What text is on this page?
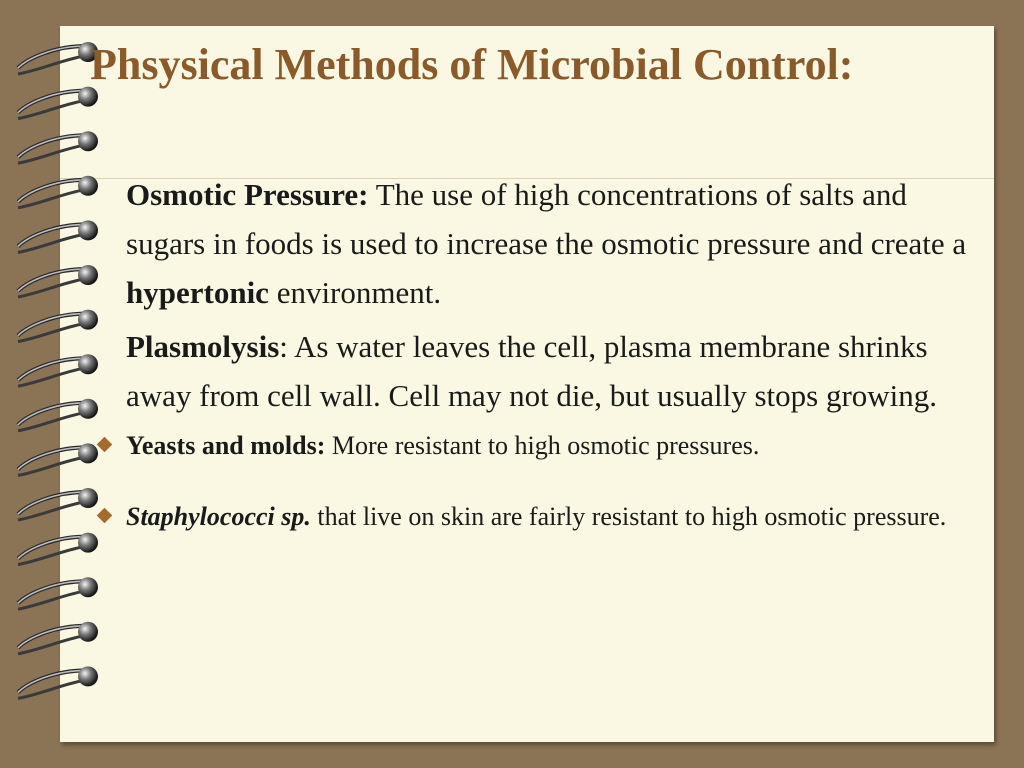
Phsysical Methods of Microbial Control:

Osmotic Pressure: The use of high concentrations of salts and sugars in foods is used to increase the osmotic pressure and create a hypertonic environment.

Plasmolysis: As water leaves the cell, plasma membrane shrinks away from cell wall. Cell may not die, but usually stops growing.

Yeasts and molds: More resistant to high osmotic pressures.

Staphylococci sp. that live on skin are fairly resistant to high osmotic pressure.
